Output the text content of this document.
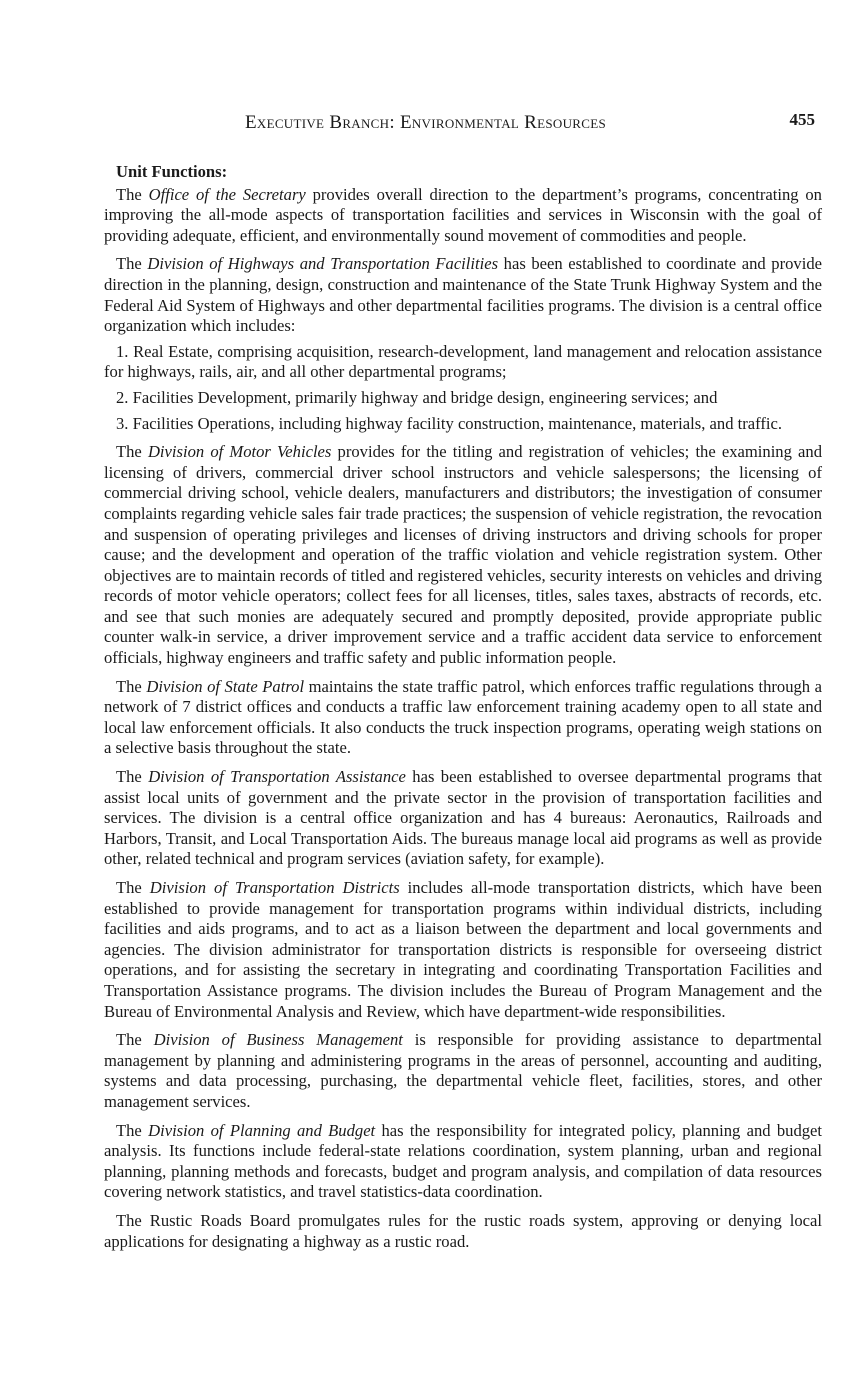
Executive Branch: Environmental Resources	455
Unit Functions:

The Office of the Secretary provides overall direction to the department’s programs, concentrating on improving the all-mode aspects of transportation facilities and services in Wisconsin with the goal of providing adequate, efficient, and environmentally sound movement of commodities and people.

The Division of Highways and Transportation Facilities has been established to coordinate and provide direction in the planning, design, construction and maintenance of the State Trunk Highway System and the Federal Aid System of Highways and other departmental facilities programs. The division is a central office organization which includes:

1. Real Estate, comprising acquisition, research-development, land management and relocation assistance for highways, rails, air, and all other departmental programs;

2. Facilities Development, primarily highway and bridge design, engineering services; and

3. Facilities Operations, including highway facility construction, maintenance, materials, and traffic.

The Division of Motor Vehicles provides for the titling and registration of vehicles; the examining and licensing of drivers, commercial driver school instructors and vehicle salespersons; the licensing of commercial driving school, vehicle dealers, manufacturers and distributors; the investigation of consumer complaints regarding vehicle sales fair trade practices; the suspension of vehicle registration, the revocation and suspension of operating privileges and licenses of driving instructors and driving schools for proper cause; and the development and operation of the traffic violation and vehicle registration system. Other objectives are to maintain records of titled and registered vehicles, security interests on vehicles and driving records of motor vehicle operators; collect fees for all licenses, titles, sales taxes, abstracts of records, etc. and see that such monies are adequately secured and promptly deposited, provide appropriate public counter walk-in service, a driver improvement service and a traffic accident data service to enforcement officials, highway engineers and traffic safety and public information people.

The Division of State Patrol maintains the state traffic patrol, which enforces traffic regulations through a network of 7 district offices and conducts a traffic law enforcement training academy open to all state and local law enforcement officials. It also conducts the truck inspection programs, operating weigh stations on a selective basis throughout the state.

The Division of Transportation Assistance has been established to oversee departmental programs that assist local units of government and the private sector in the provision of transportation facilities and services. The division is a central office organization and has 4 bureaus: Aeronautics, Railroads and Harbors, Transit, and Local Transportation Aids. The bureaus manage local aid programs as well as provide other, related technical and program services (aviation safety, for example).

The Division of Transportation Districts includes all-mode transportation districts, which have been established to provide management for transportation programs within individual districts, including facilities and aids programs, and to act as a liaison between the department and local governments and agencies. The division administrator for transportation districts is responsible for overseeing district operations, and for assisting the secretary in integrating and coordinating Transportation Facilities and Transportation Assistance programs. The division includes the Bureau of Program Management and the Bureau of Environmental Analysis and Review, which have department-wide responsibilities.

The Division of Business Management is responsible for providing assistance to departmental management by planning and administering programs in the areas of personnel, accounting and auditing, systems and data processing, purchasing, the departmental vehicle fleet, facilities, stores, and other management services.

The Division of Planning and Budget has the responsibility for integrated policy, planning and budget analysis. Its functions include federal-state relations coordination, system planning, urban and regional planning, planning methods and forecasts, budget and program analysis, and compilation of data resources covering network statistics, and travel statistics-data coordination.

The Rustic Roads Board promulgates rules for the rustic roads system, approving or denying local applications for designating a highway as a rustic road.
